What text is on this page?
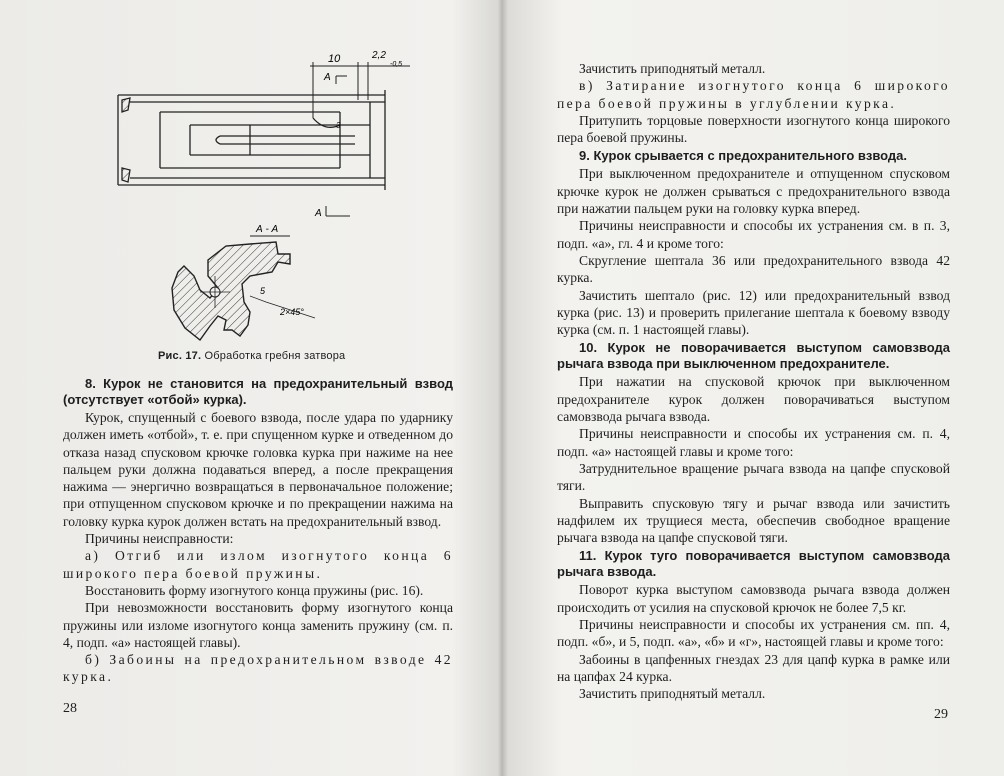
10	2,2
-0,5
А
А
3
А - А
5
2×45°
Рис. 17. Обработка гребня затвора
8. Курок не становится на предохранительный взвод (отсутствует «отбой» курка).

Курок, спущенный с боевого взвода, после удара по ударнику должен иметь «отбой», т. е. при спущенном курке и отведенном до отказа назад спусковом крючке головка курка при нажиме на нее пальцем руки должна подаваться вперед, а после прекращения нажима — энергично возвращаться в первоначальное положение; при отпущенном спусковом крючке и по прекращении нажима на головку курка курок должен встать на предохранительный взвод.

Причины неисправности:

а) Отгиб или излом изогнутого конца 6 широкого пера боевой пружины.

Восстановить форму изогнутого конца пружины (рис. 16).

При невозможности восстановить форму изогнутого конца пружины или изломе изогнутого конца заменить пружину (см. п. 4, подп. «а» настоящей главы).

б) Забоины на предохранительном взводе 42 курка.

28

Зачистить приподнятый металл.

в) Затирание изогнутого конца 6 широкого пера боевой пружины в углублении курка.

Притупить торцовые поверхности изогнутого конца широкого пера боевой пружины.

9. Курок срывается с предохранительного взвода.

При выключенном предохранителе и отпущенном спусковом крючке курок не должен срываться с предохранительного взвода при нажатии пальцем руки на головку курка вперед.

Причины неисправности и способы их устранения см. в п. 3, подп. «а», гл. 4 и кроме того:

Скругление шептала 36 или предохранительного взвода 42 курка.

Зачистить шептало (рис. 12) или предохранительный взвод курка (рис. 13) и проверить прилегание шептала к боевому взводу курка (см. п. 1 настоящей главы).

10. Курок не поворачивается выступом самовзвода рычага взвода при выключенном предохранителе.

При нажатии на спусковой крючок при выключенном предохранителе курок должен поворачиваться выступом самовзвода рычага взвода.

Причины неисправности и способы их устранения см. п. 4, подп. «а» настоящей главы и кроме того:

Затруднительное вращение рычага взвода на цапфе спусковой тяги.

Выправить спусковую тягу и рычаг взвода или зачистить надфилем их трущиеся места, обеспечив свободное вращение рычага взвода на цапфе спусковой тяги.

11. Курок туго поворачивается выступом самовзвода рычага взвода.

Поворот курка выступом самовзвода рычага взвода должен происходить от усилия на спусковой крючок не более 7,5 кг.

Причины неисправности и способы их устранения см. пп. 4, подп. «б», и 5, подп. «а», «б» и «г», настоящей главы и кроме того:

Забоины в цапфенных гнездах 23 для цапф курка в рамке или на цапфах 24 курка.

Зачистить приподнятый металл.

29
